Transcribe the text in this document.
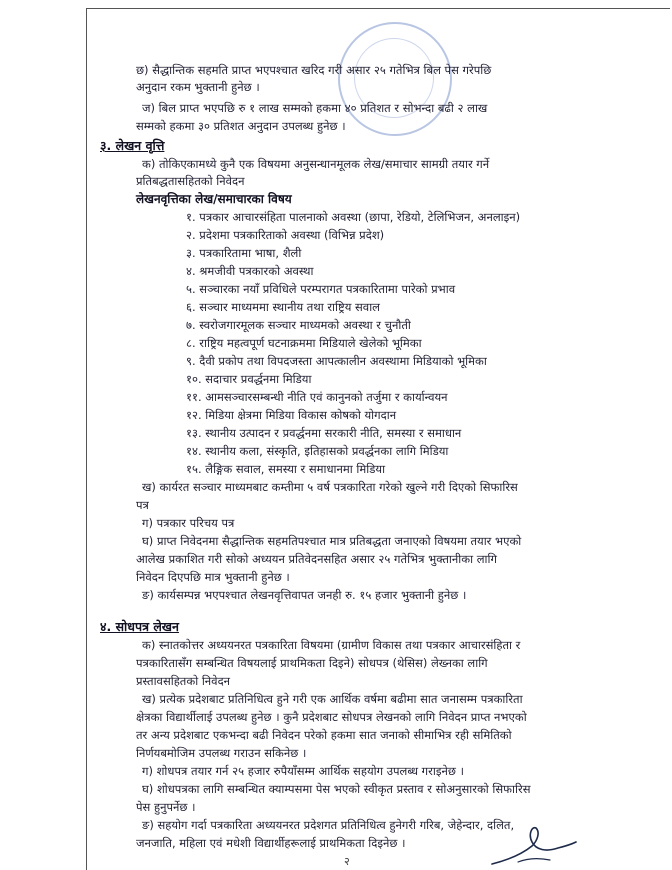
छ) सैद्धान्तिक सहमति प्राप्त भएपश्चात खरिद गरी असार २५ गतेभित्र बिल पेस गरेपछि
अनुदान रकम भुक्तानी हुनेछ ।
ज) बिल प्राप्त भएपछि रु १ लाख सम्मको हकमा ४० प्रतिशत र सोभन्दा बढी २ लाख
सम्मको हकमा ३० प्रतिशत अनुदान उपलब्ध हुनेछ ।
३. लेखन वृत्ति
क) तोकिएकामध्ये कुनै एक विषयमा अनुसन्धानमूलक लेख/समाचार सामग्री तयार गर्ने
प्रतिबद्धतासहितको निवेदन
लेखनवृत्तिका लेख/समाचारका विषय
१. पत्रकार आचारसंहिता पालनाको अवस्था (छापा, रेडियो, टेलिभिजन, अनलाइन)
२. प्रदेशमा पत्रकारिताको अवस्था (विभिन्न प्रदेश)
३. पत्रकारितामा भाषा, शैली
४. श्रमजीवी पत्रकारको अवस्था
५. सञ्चारका नयाँ प्रविधिले परम्परागत पत्रकारितामा पारेको प्रभाव
६. सञ्चार माध्यममा स्थानीय तथा राष्ट्रिय सवाल
७. स्वरोजगारमूलक सञ्चार माध्यमको अवस्था र चुनौती
८. राष्ट्रिय महत्वपूर्ण घटनाक्रममा मिडियाले खेलेको भूमिका
९. दैवी प्रकोप तथा विपदजस्ता आपत्कालीन अवस्थामा मिडियाको भूमिका
१०. सदाचार प्रवर्द्धनमा मिडिया
११. आमसञ्चारसम्बन्धी नीति एवं कानुनको तर्जुमा र कार्यान्वयन
१२. मिडिया क्षेत्रमा मिडिया विकास कोषको योगदान
१३. स्थानीय उत्पादन र प्रवर्द्धनमा सरकारी नीति, समस्या र समाधान
१४. स्थानीय कला, संस्कृति, इतिहासको प्रवर्द्धनका लागि मिडिया
१५. लैङ्गिक सवाल, समस्या र समाधानमा मिडिया
ख) कार्यरत सञ्चार माध्यमबाट कम्तीमा ५ वर्ष पत्रकारिता गरेको खुल्ने गरी दिएको सिफारिस
पत्र
ग) पत्रकार परिचय पत्र
घ) प्राप्त निवेदनमा सैद्धान्तिक सहमतिपश्चात मात्र प्रतिबद्धता जनाएको विषयमा तयार भएको
आलेख प्रकाशित गरी सोको अध्ययन प्रतिवेदनसहित असार २५ गतेभित्र भुक्तानीका लागि
निवेदन दिएपछि मात्र भुक्तानी हुनेछ ।
ङ) कार्यसम्पन्न भएपश्चात लेखनवृत्तिवापत जनही रु. १५ हजार भुक्तानी हुनेछ ।
४. सोधपत्र लेखन
क) स्नातकोत्तर अध्ययनरत पत्रकारिता विषयमा (ग्रामीण विकास तथा पत्रकार आचारसंहिता र
पत्रकारितासँग सम्बन्धित विषयलाई प्राथमिकता दिइने) सोधपत्र (थेसिस) लेख्नका लागि
प्रस्तावसहितको निवेदन
ख) प्रत्येक प्रदेशबाट प्रतिनिधित्व हुने गरी एक आर्थिक वर्षमा बढीमा सात जनासम्म पत्रकारिता
क्षेत्रका विद्यार्थीलाई उपलब्ध हुनेछ । कुनै प्रदेशबाट सोधपत्र लेखनको लागि निवेदन प्राप्त नभएको
तर अन्य प्रदेशबाट एकभन्दा बढी निवेदन परेको हकमा सात जनाको सीमाभित्र रही समितिको
निर्णयबमोजिम उपलब्ध गराउन सकिनेछ ।
ग) शोधपत्र तयार गर्न २५ हजार रुपैयाँसम्म आर्थिक सहयोग उपलब्ध गराइनेछ ।
घ) शोधपत्रका लागि सम्बन्धित क्याम्पसमा पेस भएको स्वीकृत प्रस्ताव र सोअनुसारको सिफारिस
पेस हुनुपर्नेछ ।
ङ) सहयोग गर्दा पत्रकारिता अध्ययनरत प्रदेशगत प्रतिनिधित्व हुनेगरी गरिब, जेहेन्दार, दलित,
जनजाति, महिला एवं मधेशी विद्यार्थीहरूलाई प्राथमिकता दिइनेछ ।
२
